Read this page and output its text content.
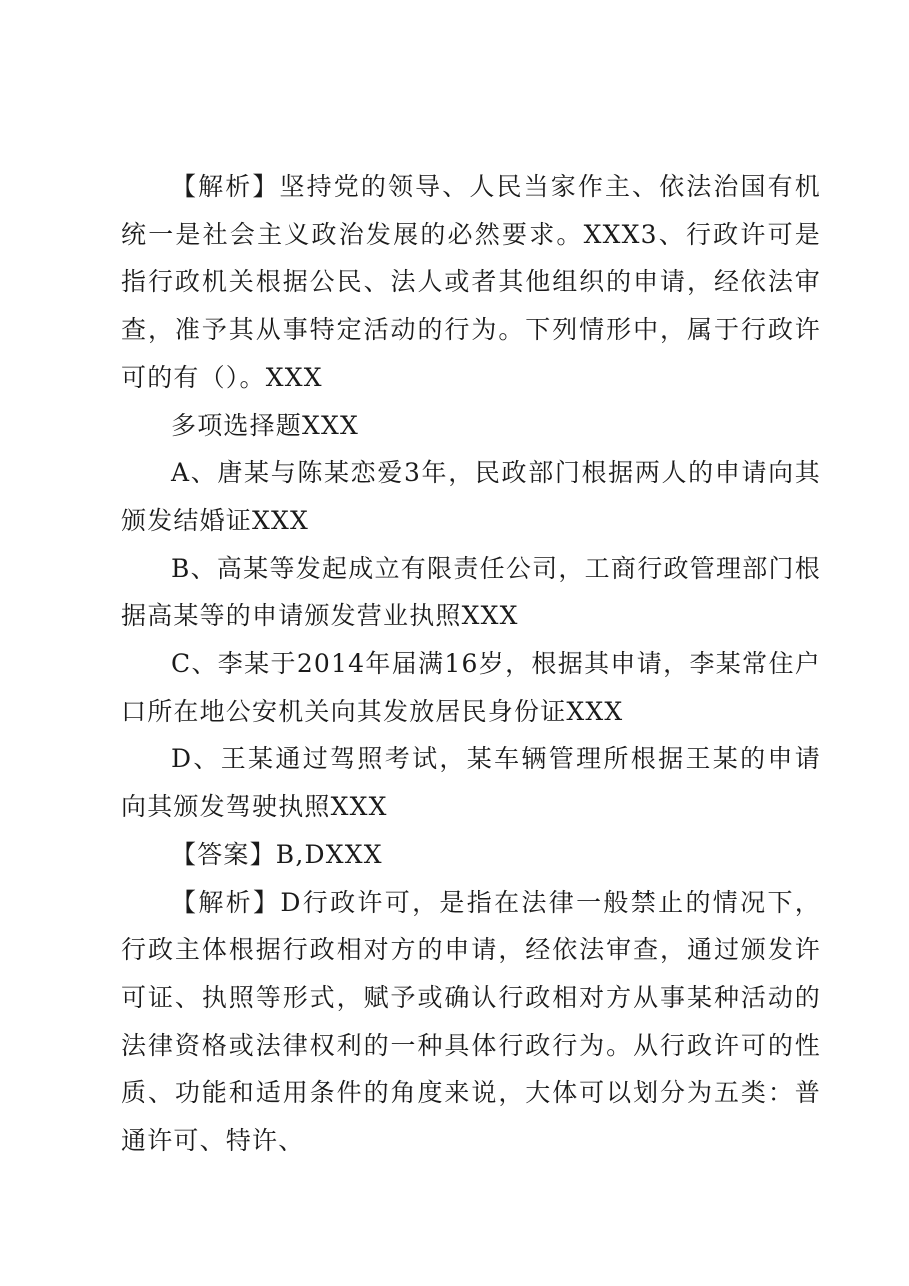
【解析】坚持党的领导、人民当家作主、依法治国有机统一是社会主义政治发展的必然要求。XXX3、行政许可是指行政机关根据公民、法人或者其他组织的申请，经依法审查，准予其从事特定活动的行为。下列情形中，属于行政许可的有（）。XXX

多项选择题XXX

A、唐某与陈某恋爱3年，民政部门根据两人的申请向其颁发结婚证XXX

B、高某等发起成立有限责任公司，工商行政管理部门根据高某等的申请颁发营业执照XXX

C、李某于2014年届满16岁，根据其申请，李某常住户口所在地公安机关向其发放居民身份证XXX

D、王某通过驾照考试，某车辆管理所根据王某的申请向其颁发驾驶执照XXX

【答案】B,DXXX

【解析】D行政许可，是指在法律一般禁止的情况下，行政主体根据行政相对方的申请，经依法审查，通过颁发许可证、执照等形式，赋予或确认行政相对方从事某种活动的法律资格或法律权利的一种具体行政行为。从行政许可的性质、功能和适用条件的角度来说，大体可以划分为五类：普通许可、特许、
